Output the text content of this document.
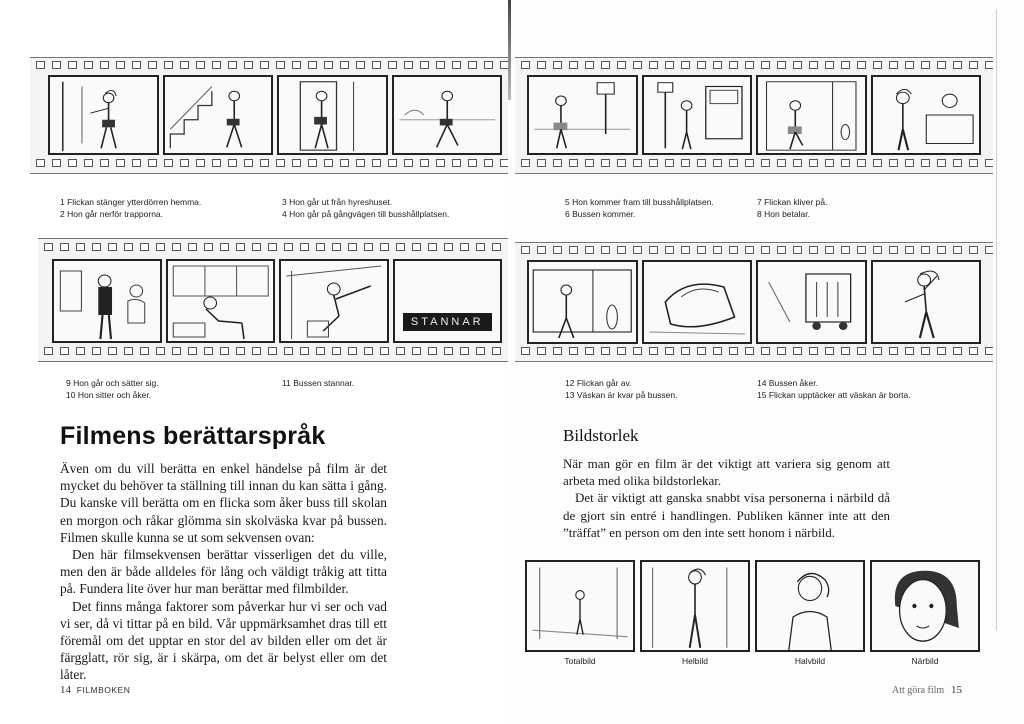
1 Flickan stänger ytterdörren hemma.
2 Hon går nerför trapporna.
3 Hon går ut från hyreshuset.
4 Hon går på gångvägen till busshållplatsen.
5 Hon kommer fram till busshållplatsen.
6 Bussen kommer.
7 Flickan kliver på.
8 Hon betalar.
STANNAR
9 Hon går och sätter sig.
10 Hon sitter och åker.
11 Bussen stannar.	12 Flickan går av.
13 Väskan är kvar på bussen.
14 Bussen åker.
15 Flickan upptäcker att väskan är borta.
Filmens berättarspråk

Även om du vill berätta en enkel händelse på film är det mycket du behöver ta ställning till innan du kan sätta i gång. Du kanske vill berätta om en flicka som åker buss till skolan en morgon och råkar glömma sin skolväska kvar på bussen. Filmen skulle kunna se ut som sekvensen ovan:

Den här filmsekvensen berättar visserligen det du ville, men den är både alldeles för lång och väldigt tråkig att titta på. Fundera lite över hur man berättar med filmbilder.

Det finns många faktorer som påverkar hur vi ser och vad vi ser, då vi tittar på en bild. Vår uppmärksamhet dras till ett föremål om det upptar en stor del av bilden eller om det är färgglatt, rör sig, är i skärpa, om det är belyst eller om det låter.

14 FILMBOKEN
Bildstorlek

När man gör en film är det viktigt att variera sig genom att arbeta med olika bildstorlekar.

Det är viktigt att ganska snabbt visa personerna i närbild då de gjort sin entré i handlingen. Publiken känner inte att den ”träffat” en person om den inte sett honom i närbild.

Totalbild	Helbild	Halvbild	Närbild
Att göra film 15
